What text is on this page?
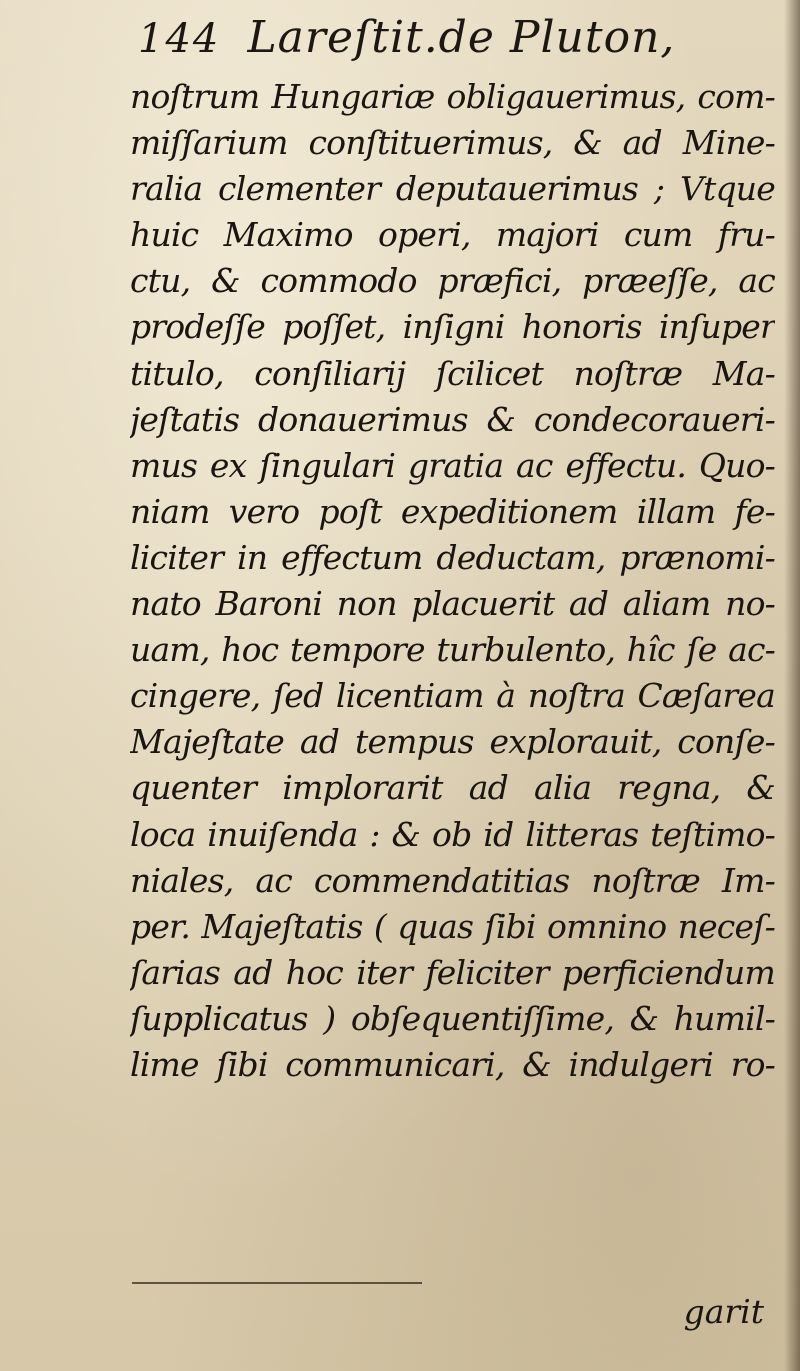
144 Lareſtit.de Pluton,
noſtrum Hungariæ obligauerimus, com-
miſſarium conſtituerimus, & ad Mine-
ralia clementer deputauerimus ; Vtque
huic Maximo operi, majori cum fru-
ctu, & commodo præfici, præeſſe, ac
prodeſſe poſſet, inſigni honoris inſuper
titulo, conſiliarij ſcilicet noſtræ Ma-
jeſtatis donauerimus & condecoraueri-
mus ex ſingulari gratia ac effectu. Quo-
niam vero poſt expeditionem illam fe-
liciter in effectum deductam, prænomi-
nato Baroni non placuerit ad aliam no-
uam, hoc tempore turbulento, hîc ſe ac-
cingere, ſed licentiam à noſtra Cæſarea
Majeſtate ad tempus explorauit, conſe-
quenter implorarit ad alia regna, &
loca inuiſenda : & ob id litteras teſtimo-
niales, ac commendatitias noſtræ Im-
per. Majeſtatis ( quas ſibi omnino neceſ-
ſarias ad hoc iter feliciter perficiendum
ſupplicatus ) obſequentiſſime, & humil-
lime ſibi communicari, & indulgeri ro-
garit
